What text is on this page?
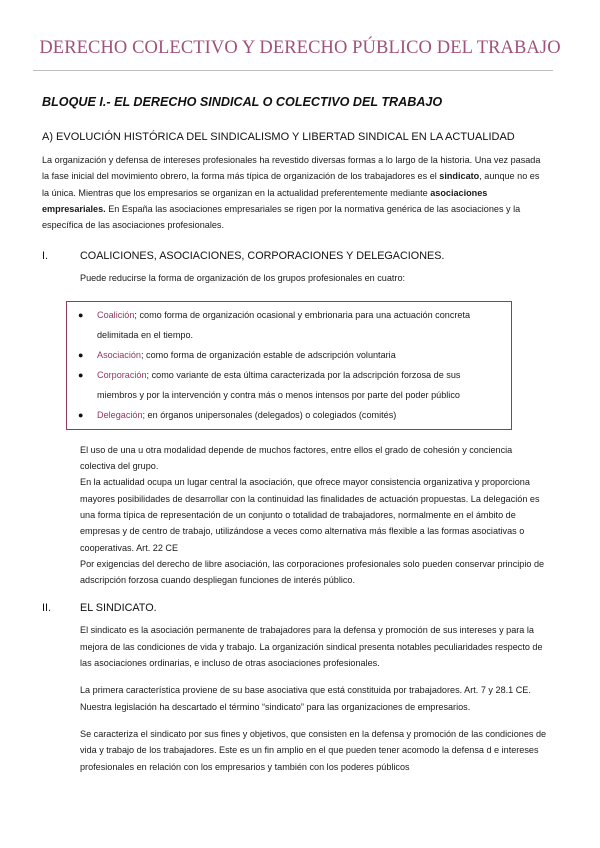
DERECHO COLECTIVO Y DERECHO PÚBLICO DEL TRABAJO
BLOQUE I.- EL DERECHO SINDICAL O COLECTIVO DEL TRABAJO
A) EVOLUCIÓN HISTÓRICA DEL SINDICALISMO Y LIBERTAD SINDICAL EN LA ACTUALIDAD

La organización y defensa de intereses profesionales ha revestido diversas formas a lo largo de la historia. Una vez pasada la fase inicial del movimiento obrero, la forma más típica de organización de los trabajadores es el sindicato, aunque no es la única. Mientras que los empresarios se organizan en la actualidad preferentemente mediante asociaciones empresariales. En España las asociaciones empresariales se rigen por la normativa genérica de las asociaciones y la específica de las asociaciones profesionales.

I.	COALICIONES, ASOCIACIONES, CORPORACIONES Y DELEGACIONES.

Puede reducirse la forma de organización de los grupos profesionales en cuatro:

● Coalición; como forma de organización ocasional y embrionaria para una actuación concreta delimitada en el tiempo.
● Asociación; como forma de organización estable de adscripción voluntaria
● Corporación; como variante de esta última caracterizada por la adscripción forzosa de sus miembros y por la intervención y contra más o menos intensos por parte del poder público
● Delegación; en órganos unipersonales (delegados) o colegiados (comités)

El uso de una u otra modalidad depende de muchos factores, entre ellos el grado de cohesión y conciencia colectiva del grupo.

En la actualidad ocupa un lugar central la asociación, que ofrece mayor consistencia organizativa y proporciona mayores posibilidades de desarrollar con la continuidad las finalidades de actuación propuestas. La delegación es una forma típica de representación de un conjunto o totalidad de trabajadores, normalmente en el ámbito de empresas y de centro de trabajo, utilizándose a veces como alternativa más flexible a las formas asociativas o cooperativas. Art. 22 CE

Por exigencias del derecho de libre asociación, las corporaciones profesionales solo pueden conservar principio de adscripción forzosa cuando despliegan funciones de interés público.

II.	EL SINDICATO.

El sindicato es la asociación permanente de trabajadores para la defensa y promoción de sus intereses y para la mejora de las condiciones de vida y trabajo. La organización sindical presenta notables peculiaridades respecto de las asociaciones ordinarias, e incluso de otras asociaciones profesionales.

La primera característica proviene de su base asociativa que está constituida por trabajadores. Art. 7 y 28.1 CE. Nuestra legislación ha descartado el término “sindicato” para las organizaciones de empresarios.

Se caracteriza el sindicato por sus fines y objetivos, que consisten en la defensa y promoción de las condiciones de vida y trabajo de los trabajadores. Este es un fin amplio en el que pueden tener acomodo la defensa d e intereses profesionales en relación con los empresarios y también con los poderes públicos
